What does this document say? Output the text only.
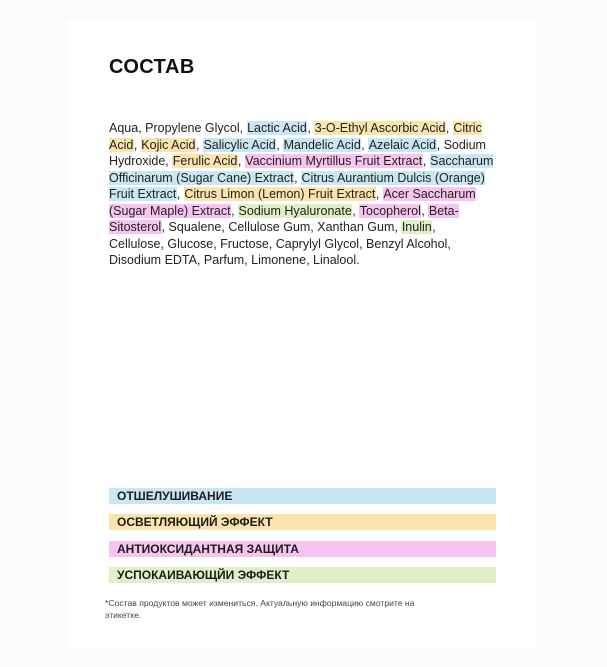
СОСТАВ

Aqua, Propylene Glycol, Lactic Acid, 3-O-Ethyl Ascorbic Acid, Citric Acid, Kojic Acid, Salicylic Acid, Mandelic Acid, Azelaic Acid, Sodium Hydroxide, Ferulic Acid, Vaccinium Myrtillus Fruit Extract, Saccharum Officinarum (Sugar Cane) Extract, Citrus Aurantium Dulcis (Orange) Fruit Extract, Citrus Limon (Lemon) Fruit Extract, Acer Saccharum (Sugar Maple) Extract, Sodium Hyaluronate, Tocopherol, Beta-Sitosterol, Squalene, Cellulose Gum, Xanthan Gum, Inulin, Cellulose, Glucose, Fructose, Caprylyl Glycol, Benzyl Alcohol, Disodium EDTA, Parfum, Limonene, Linalool.

ОТШЕЛУШИВАНИЕ
ОСВЕТЛЯЮЩИЙ ЭФФЕКТ
АНТИОКСИДАНТНАЯ ЗАЩИТА
УСПОКАИВАЮЩЙИ ЭФФЕКТ
*Состав продуктов может измениться. Актуальную информацию смотрите на этикетке.
